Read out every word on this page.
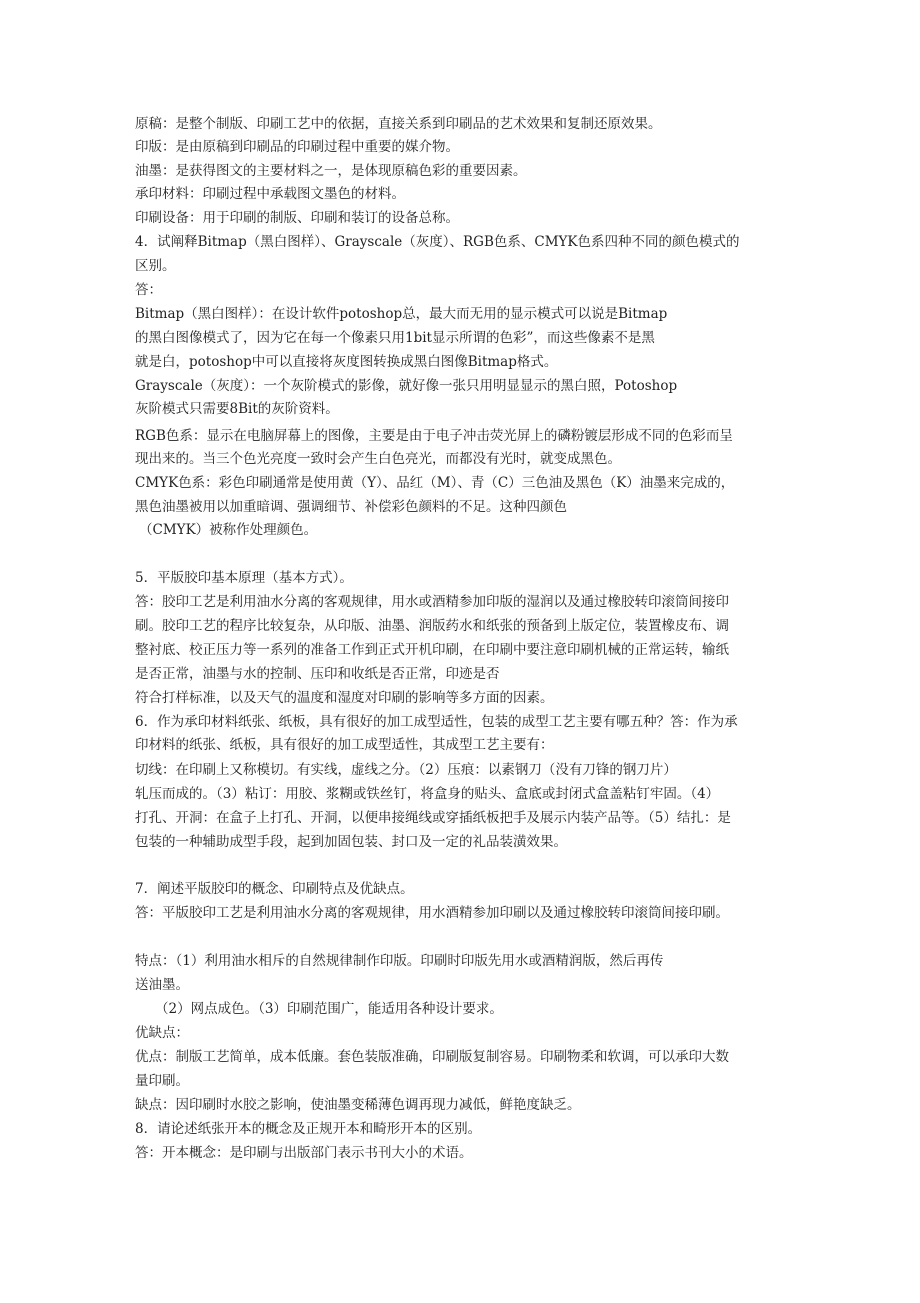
原稿：是整个制版、印刷工艺中的依据，直接关系到印刷品的艺术效果和复制还原效果。

印版：是由原稿到印刷品的印刷过程中重要的媒介物。

油墨：是获得图文的主要材料之一，是体现原稿色彩的重要因素。

承印材料：印刷过程中承载图文墨色的材料。

印刷设备：用于印刷的制版、印刷和装订的设备总称。

4．试阐释Bitmap（黑白图样）、Grayscale（灰度）、RGB色系、CMYK色系四种不同的颜色模式的

区别。

答：

Bitmap（黑白图样）：在设计软件potoshop总，最大而无用的显示模式可以说是Bitmap

的黑白图像模式了，因为它在每一个像素只用1bit显示所谓的色彩”，而这些像素不是黑

就是白，potoshop中可以直接将灰度图转换成黑白图像Bitmap格式。

Grayscale（灰度）：一个灰阶模式的影像，就好像一张只用明显显示的黑白照，Potoshop

灰阶模式只需要8Bit的灰阶资料。

RGB色系：显示在电脑屏幕上的图像，主要是由于电子冲击荧光屏上的磷粉镀层形成不同的色彩而呈

现出来的。当三个色光亮度一致时会产生白色亮光，而都没有光时，就变成黑色。

CMYK色系：彩色印刷通常是使用黄（Y）、品红（M）、青（C）三色油及黑色（K）油墨来完成的，

黑色油墨被用以加重暗调、强调细节、补偿彩色颜料的不足。这种四颜色

（CMYK）被称作处理颜色。

5．平版胶印基本原理（基本方式）。

答：胶印工艺是利用油水分离的客观规律，用水或酒精参加印版的湿润以及通过橡胶转印滚筒间接印

刷。胶印工艺的程序比较复杂，从印版、油墨、润版药水和纸张的预备到上版定位，装置橡皮布、调

整衬底、校正压力等一系列的准备工作到正式开机印刷，在印刷中要注意印刷机械的正常运转，输纸

是否正常，油墨与水的控制、压印和收纸是否正常，印迹是否

符合打样标准，以及天气的温度和湿度对印刷的影响等多方面的因素。

6．作为承印材料纸张、纸板，具有很好的加工成型适性，包装的成型工艺主要有哪五种？答：作为承

印材料的纸张、纸板，具有很好的加工成型适性，其成型工艺主要有：

切线：在印刷上又称模切。有实线，虚线之分。（2）压痕：以素钢刀（没有刀锋的钢刀片）

轧压而成的。（3）粘订：用胶、浆糊或铁丝钉，将盒身的贴头、盒底或封闭式盒盖粘钉牢固。（4）

打孔、开洞：在盒子上打孔、开洞，以便串接绳线或穿插纸板把手及展示内装产品等。（5）结扎：是

包装的一种辅助成型手段，起到加固包装、封口及一定的礼品装潢效果。

7．阐述平版胶印的概念、印刷特点及优缺点。

答：平版胶印工艺是利用油水分离的客观规律，用水酒精参加印刷以及通过橡胶转印滚筒间接印刷。

特点：（1）利用油水相斥的自然规律制作印版。印刷时印版先用水或酒精润版，然后再传

送油墨。

（2）网点成色。（3）印刷范围广，能适用各种设计要求。

优缺点：

优点：制版工艺简单，成本低廉。套色装版准确，印刷版复制容易。印刷物柔和软调，可以承印大数

量印刷。

缺点：因印刷时水胶之影响，使油墨变稀薄色调再现力减低，鲜艳度缺乏。

8．请论述纸张开本的概念及正规开本和畸形开本的区别。

答：开本概念：是印刷与出版部门表示书刊大小的术语。
